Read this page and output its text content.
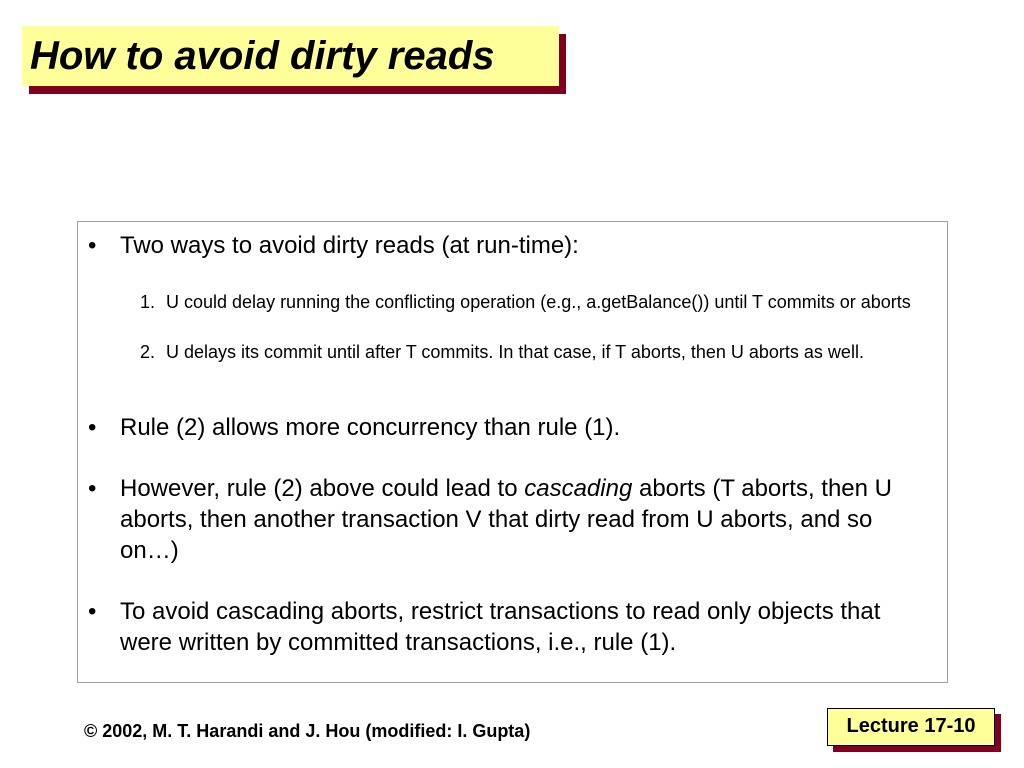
How to avoid dirty reads
• Two ways to avoid dirty reads (at run-time):
1. U could delay running the conflicting operation (e.g., a.getBalance()) until T commits or aborts
2. U delays its commit until after T commits. In that case, if T aborts, then U aborts as well.
• Rule (2) allows more concurrency than rule (1).
• However, rule (2) above could lead to cascading aborts (T aborts, then U aborts, then another transaction V that dirty read from U aborts, and so on…)
• To avoid cascading aborts, restrict transactions to read only objects that were written by committed transactions, i.e., rule (1).
© 2002, M. T. Harandi and J. Hou (modified: I. Gupta)	Lecture 17-10
